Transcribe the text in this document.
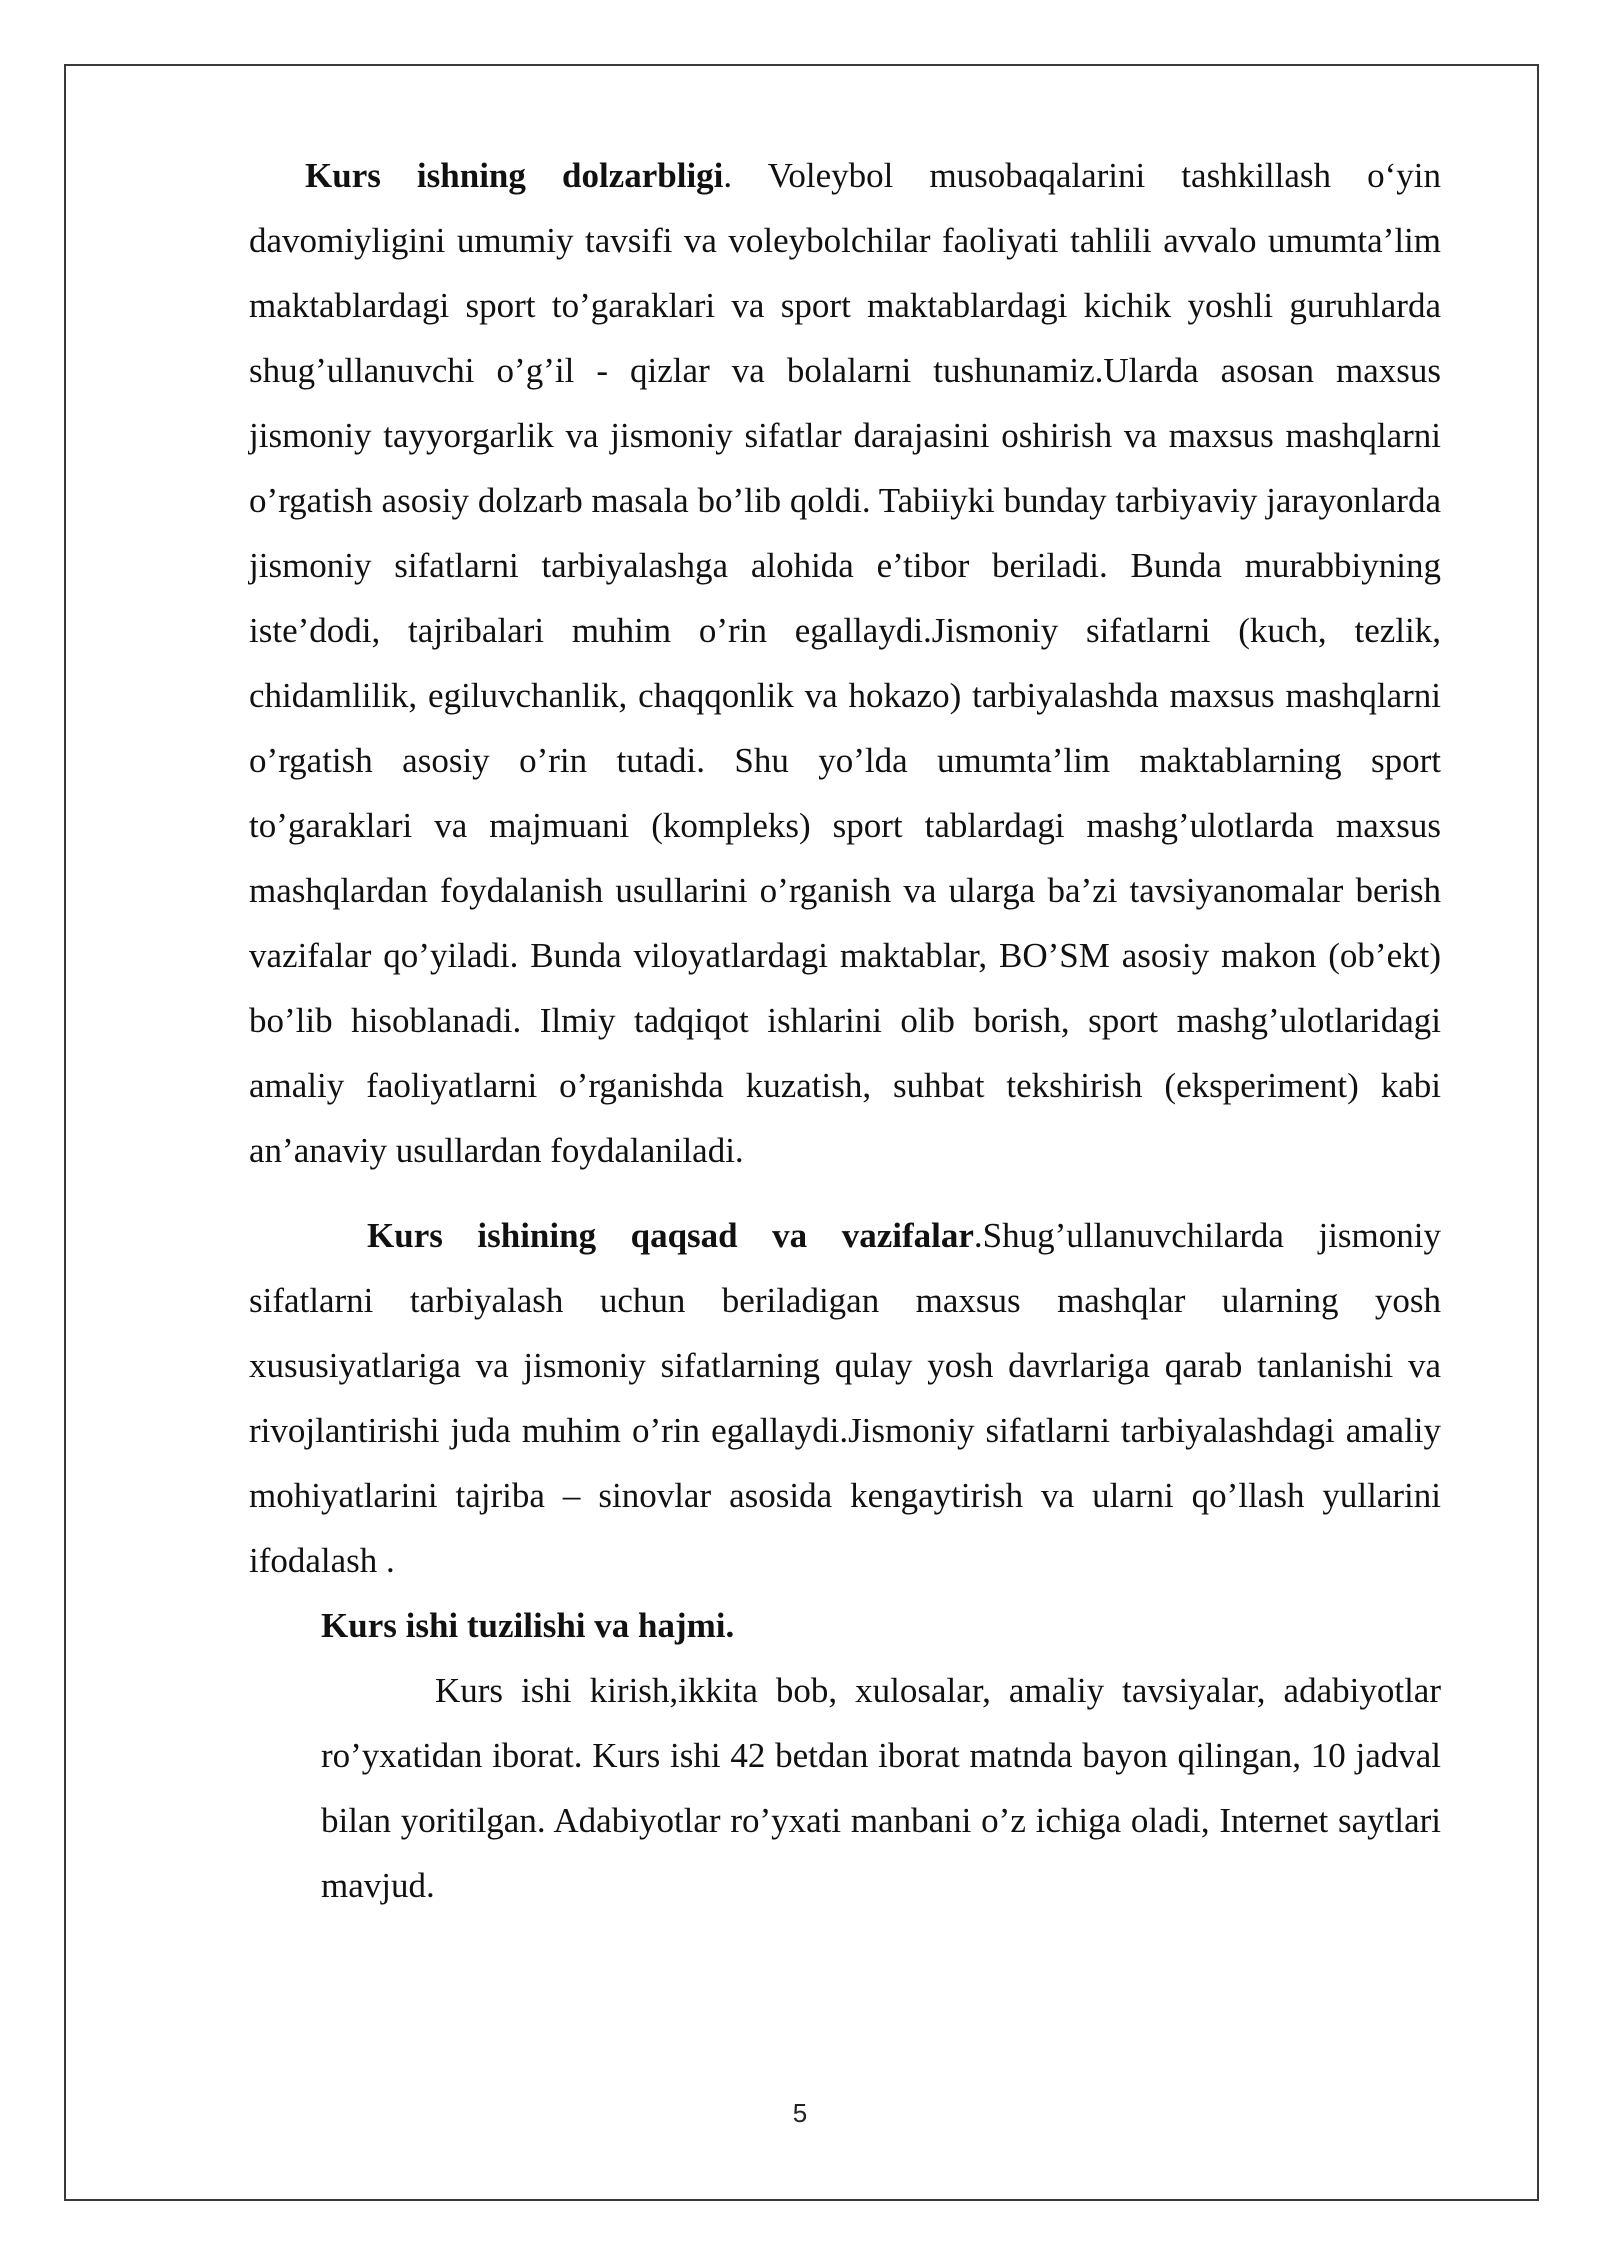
Kurs ishning dolzarbligi. Voleybol musobaqalarini tashkillash o‘yin davomiyligini umumiy tavsifi va voleybolchilar faoliyati tahlili avvalo umumta’lim maktablardagi sport to’garaklari va sport maktablardagi kichik yoshli guruhlarda shug’ullanuvchi o’g’il - qizlar va bolalarni tushunamiz.Ularda asosan maxsus jismoniy tayyorgarlik va jismoniy sifatlar darajasini oshirish va maxsus mashqlarni o’rgatish asosiy dolzarb masala bo’lib qoldi. Tabiiyki bunday tarbiyaviy jarayonlarda jismoniy sifatlarni tarbiyalashga alohida e’tibor beriladi. Bunda murabbiyning iste’dodi, tajribalari muhim o’rin egallaydi.Jismoniy sifatlarni (kuch, tezlik, chidamlilik, egiluvchanlik, chaqqonlik va hokazo) tarbiyalashda maxsus mashqlarni o’rgatish asosiy o’rin tutadi. Shu yo’lda umumta’lim maktablarning sport to’garaklari va majmuani (kompleks) sport tablardagi mashg’ulotlarda maxsus mashqlardan foydalanish usullarini o’rganish va ularga ba’zi tavsiyanomalar berish vazifalar qo’yiladi. Bunda viloyatlardagi maktablar, BO’SM asosiy makon (ob’ekt) bo’lib hisoblanadi. Ilmiy tadqiqot ishlarini olib borish, sport mashg’ulotlaridagi amaliy faoliyatlarni o’rganishda kuzatish, suhbat tekshirish (eksperiment) kabi an’anaviy usullardan foydalaniladi.

Kurs ishining qaqsad va vazifalar.Shug’ullanuvchilarda jismoniy sifatlarni tarbiyalash uchun beriladigan maxsus mashqlar ularning yosh xususiyatlariga va jismoniy sifatlarning qulay yosh davrlariga qarab tanlanishi va rivojlantirishi juda muhim o’rin egallaydi.Jismoniy sifatlarni tarbiyalashdagi amaliy mohiyatlarini tajriba – sinovlar asosida kengaytirish va ularni qo’llash yullarini ifodalash .

Kurs ishi tuzilishi va hajmi.

Kurs ishi kirish,ikkita bob, xulosalar, amaliy tavsiyalar, adabiyotlar ro’yxatidan iborat. Kurs ishi 42 betdan iborat matnda bayon qilingan, 10 jadval bilan yoritilgan. Adabiyotlar ro’yxati manbani o’z ichiga oladi, Internet saytlari mavjud.

5
